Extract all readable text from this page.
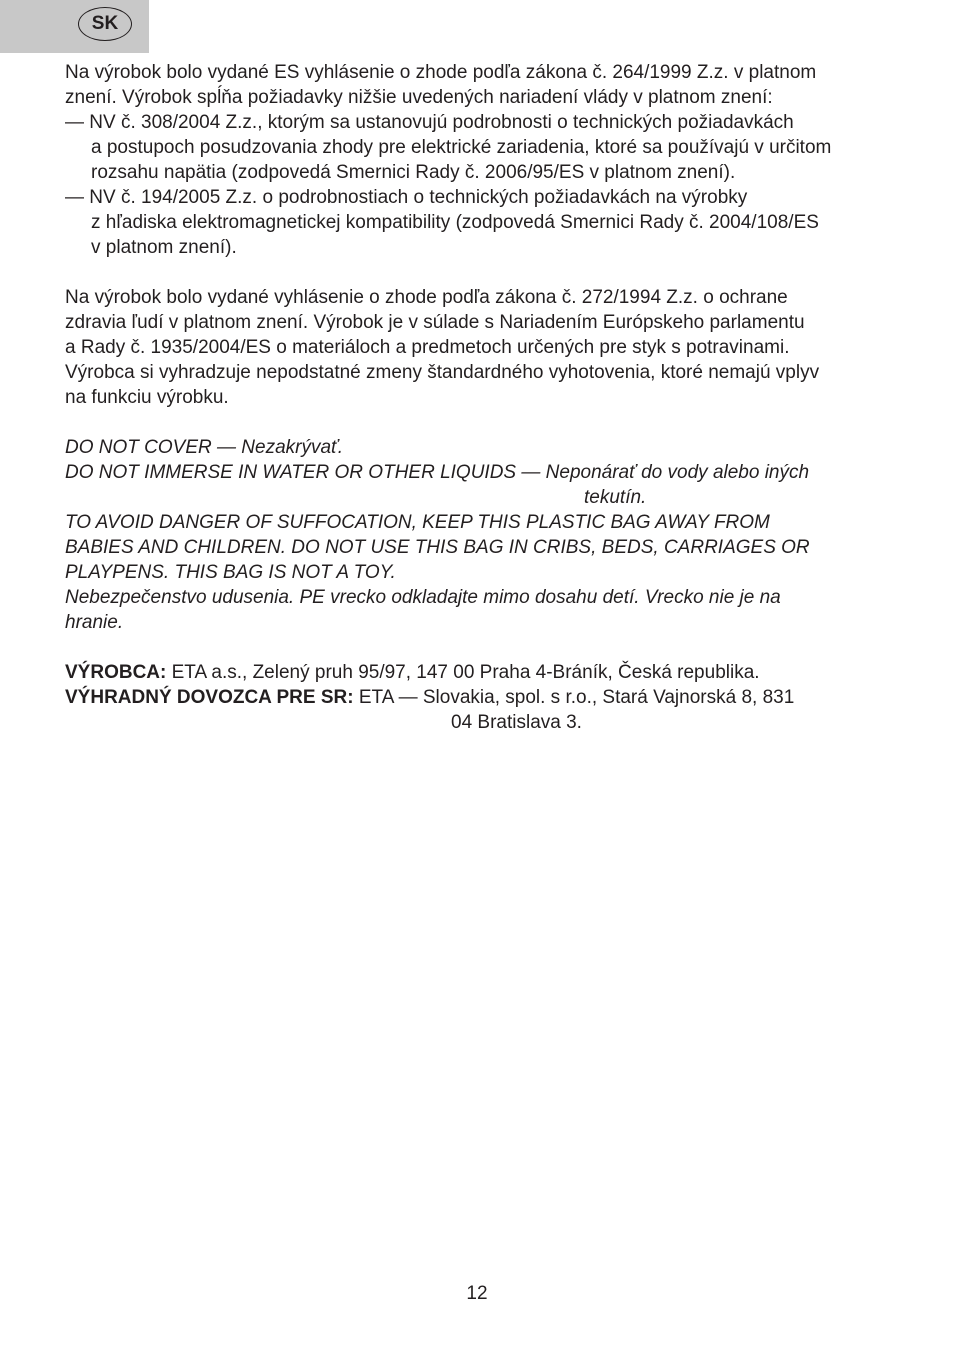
SK
Na výrobok bolo vydané ES vyhlásenie o zhode podľa zákona č. 264/1999 Z.z. v platnom
znení. Výrobok spĺňa požiadavky nižšie uvedených nariadení vlády v platnom znení:
— NV č. 308/2004 Z.z., ktorým sa ustanovujú podrobnosti o technických požiadavkách
a postupoch posudzovania zhody pre elektrické zariadenia, ktoré sa používajú v určitom
rozsahu napätia (zodpovedá Smernici Rady č. 2006/95/ES v platnom znení).
— NV č. 194/2005 Z.z. o podrobnostiach o technických požiadavkách na výrobky
z hľadiska elektromagnetickej kompatibility (zodpovedá Smernici Rady č. 2004/108/ES
v platnom znení).
Na výrobok bolo vydané vyhlásenie o zhode podľa zákona č. 272/1994 Z.z. o ochrane
zdravia ľudí v platnom znení. Výrobok je v súlade s Nariadením Európskeho parlamentu
a Rady č. 1935/2004/ES o materiáloch a predmetoch určených pre styk s potravinami.
Výrobca si vyhradzuje nepodstatné zmeny štandardného vyhotovenia, ktoré nemajú vplyv
na funkciu výrobku.
DO NOT COVER — Nezakrývať.
DO NOT IMMERSE IN WATER OR OTHER LIQUIDS — Neponárať do vody alebo iných
tekutín.
TO AVOID DANGER OF SUFFOCATION, KEEP THIS PLASTIC BAG AWAY FROM
BABIES AND CHILDREN. DO NOT USE THIS BAG IN CRIBS, BEDS, CARRIAGES OR
PLAYPENS. THIS BAG IS NOT A TOY.
Nebezpečenstvo udusenia. PE vrecko odkladajte mimo dosahu detí. Vrecko nie je na
hranie.
VÝROBCA: ETA a.s., Zelený pruh 95/97, 147 00 Praha 4-Bráník, Česká republika.
VÝHRADNÝ DOVOZCA PRE SR: ETA — Slovakia, spol. s r.o., Stará Vajnorská 8, 831
04 Bratislava 3.
12
